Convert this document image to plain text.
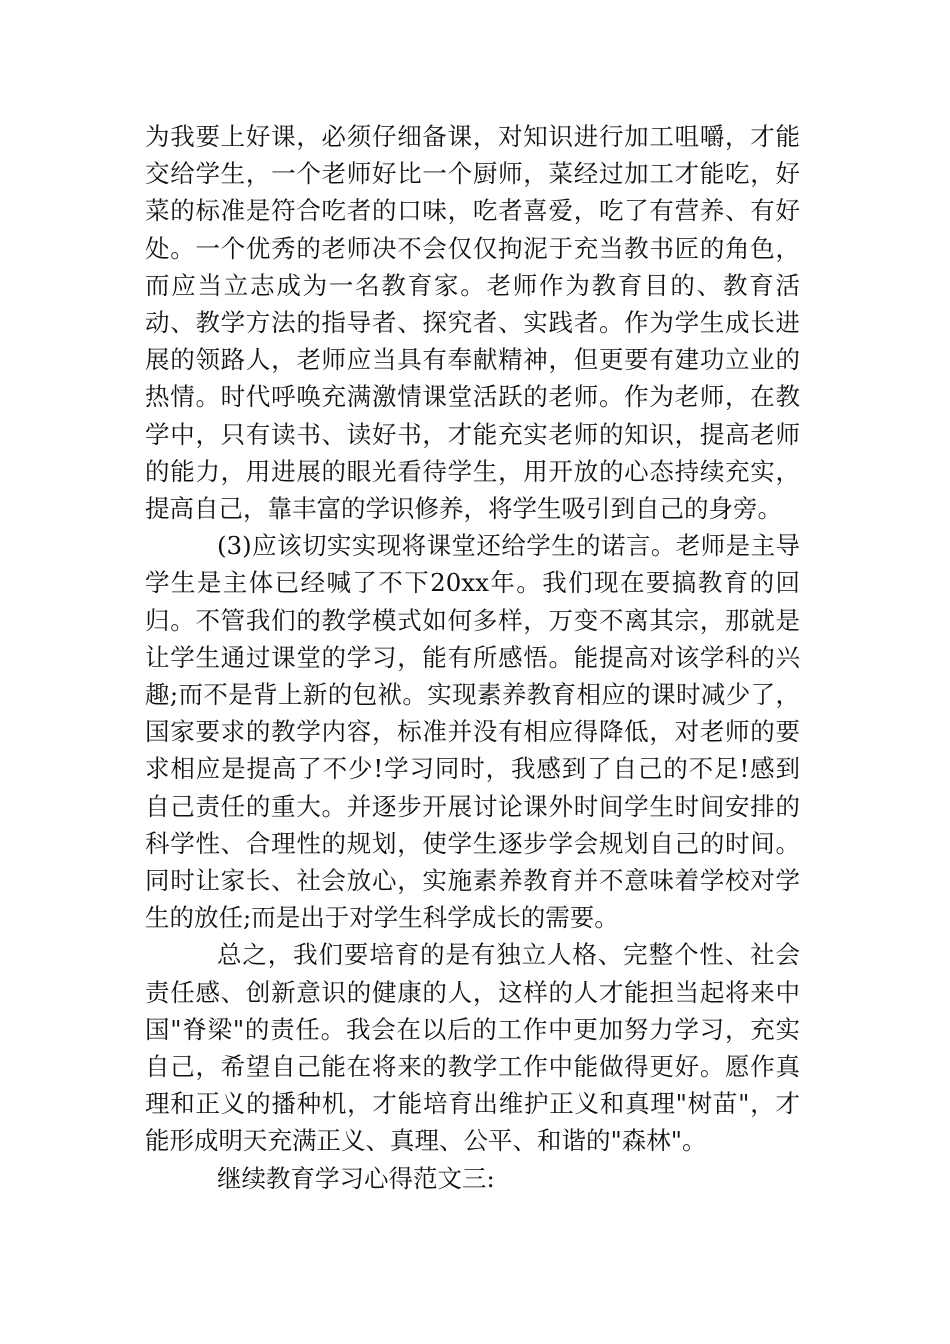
为我要上好课，必须仔细备课，对知识进行加工咀嚼，才能交给学生，一个老师好比一个厨师，菜经过加工才能吃，好菜的标准是符合吃者的口味，吃者喜爱，吃了有营养、有好处。一个优秀的老师决不会仅仅拘泥于充当教书匠的角色，而应当立志成为一名教育家。老师作为教育目的、教育活动、教学方法的指导者、探究者、实践者。作为学生成长进展的领路人，老师应当具有奉献精神，但更要有建功立业的热情。时代呼唤充满激情课堂活跃的老师。作为老师，在教学中，只有读书、读好书，才能充实老师的知识，提高老师的能力，用进展的眼光看待学生，用开放的心态持续充实，提高自己，靠丰富的学识修养，将学生吸引到自己的身旁。

(3)应该切实实现将课堂还给学生的诺言。老师是主导学生是主体已经喊了不下20xx年。我们现在要搞教育的回归。不管我们的教学模式如何多样，万变不离其宗，那就是让学生通过课堂的学习，能有所感悟。能提高对该学科的兴趣;而不是背上新的包袱。实现素养教育相应的课时减少了，国家要求的教学内容，标准并没有相应得降低，对老师的要求相应是提高了不少!学习同时，我感到了自己的不足!感到自己责任的重大。并逐步开展讨论课外时间学生时间安排的科学性、合理性的规划，使学生逐步学会规划自己的时间。同时让家长、社会放心，实施素养教育并不意味着学校对学生的放任;而是出于对学生科学成长的需要。

总之，我们要培育的是有独立人格、完整个性、社会责任感、创新意识的健康的人，这样的人才能担当起将来中国"脊梁"的责任。我会在以后的工作中更加努力学习，充实自己，希望自己能在将来的教学工作中能做得更好。愿作真理和正义的播种机，才能培育出维护正义和真理"树苗"，才能形成明天充满正义、真理、公平、和谐的"森林"。

继续教育学习心得范文三:
